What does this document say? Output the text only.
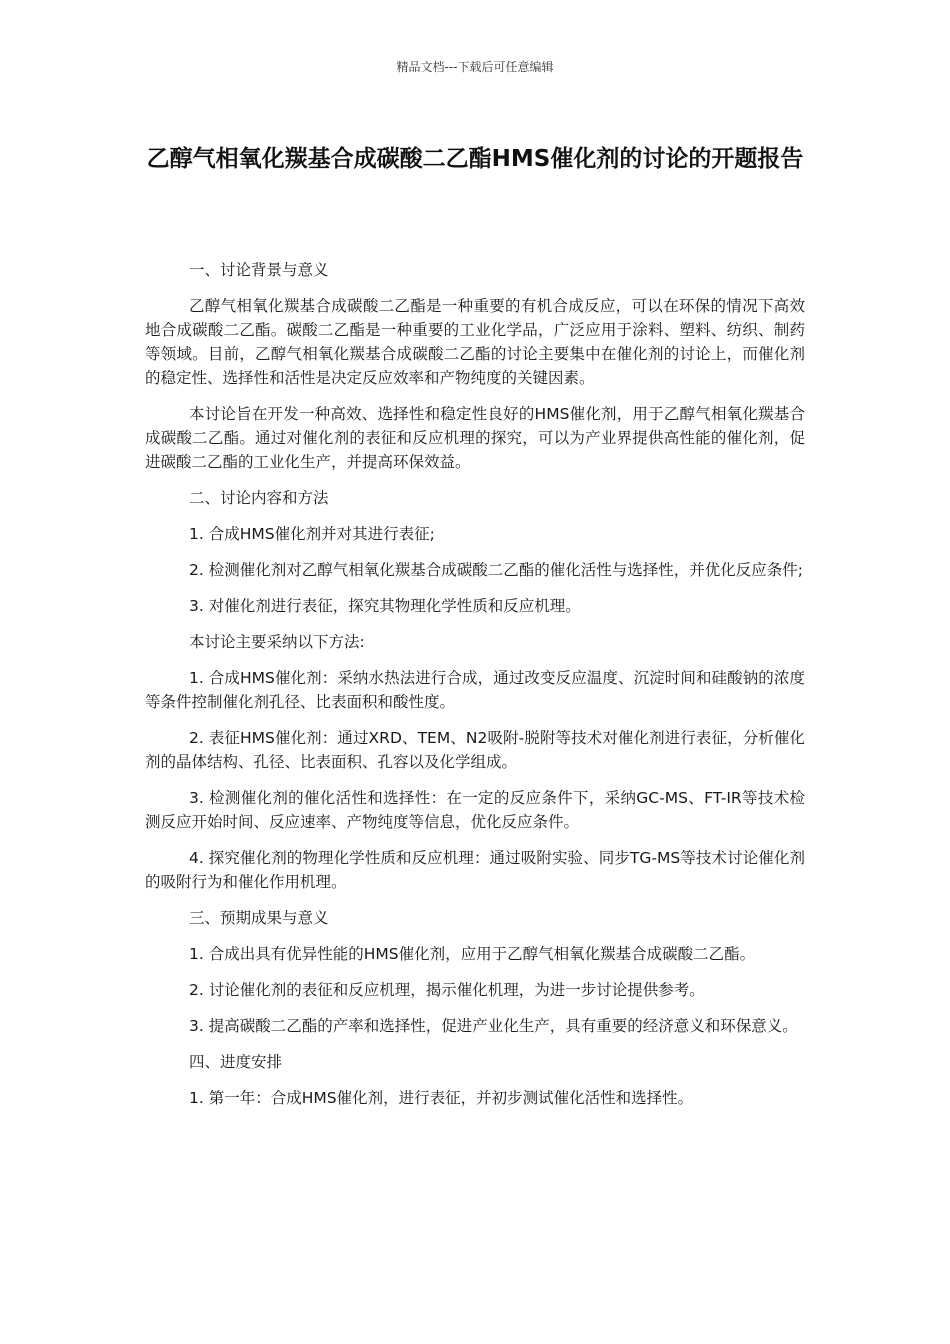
精品文档---下载后可任意编辑
乙醇气相氧化羰基合成碳酸二乙酯HMS催化剂的讨论的开题报告

一、讨论背景与意义

乙醇气相氧化羰基合成碳酸二乙酯是一种重要的有机合成反应，可以在环保的情况下高效地合成碳酸二乙酯。碳酸二乙酯是一种重要的工业化学品，广泛应用于涂料、塑料、纺织、制药等领域。目前，乙醇气相氧化羰基合成碳酸二乙酯的讨论主要集中在催化剂的讨论上，而催化剂的稳定性、选择性和活性是决定反应效率和产物纯度的关键因素。

本讨论旨在开发一种高效、选择性和稳定性良好的HMS催化剂，用于乙醇气相氧化羰基合成碳酸二乙酯。通过对催化剂的表征和反应机理的探究，可以为产业界提供高性能的催化剂，促进碳酸二乙酯的工业化生产，并提高环保效益。

二、讨论内容和方法

1. 合成HMS催化剂并对其进行表征;

2. 检测催化剂对乙醇气相氧化羰基合成碳酸二乙酯的催化活性与选择性，并优化反应条件;

3. 对催化剂进行表征，探究其物理化学性质和反应机理。

本讨论主要采纳以下方法:

1. 合成HMS催化剂：采纳水热法进行合成，通过改变反应温度、沉淀时间和硅酸钠的浓度等条件控制催化剂孔径、比表面积和酸性度。

2. 表征HMS催化剂：通过XRD、TEM、N2吸附-脱附等技术对催化剂进行表征，分析催化剂的晶体结构、孔径、比表面积、孔容以及化学组成。

3. 检测催化剂的催化活性和选择性：在一定的反应条件下，采纳GC-MS、FT-IR等技术检测反应开始时间、反应速率、产物纯度等信息，优化反应条件。

4. 探究催化剂的物理化学性质和反应机理：通过吸附实验、同步TG-MS等技术讨论催化剂的吸附行为和催化作用机理。

三、预期成果与意义

1. 合成出具有优异性能的HMS催化剂，应用于乙醇气相氧化羰基合成碳酸二乙酯。

2. 讨论催化剂的表征和反应机理，揭示催化机理，为进一步讨论提供参考。

3. 提高碳酸二乙酯的产率和选择性，促进产业化生产，具有重要的经济意义和环保意义。

四、进度安排

1. 第一年：合成HMS催化剂，进行表征，并初步测试催化活性和选择性。
